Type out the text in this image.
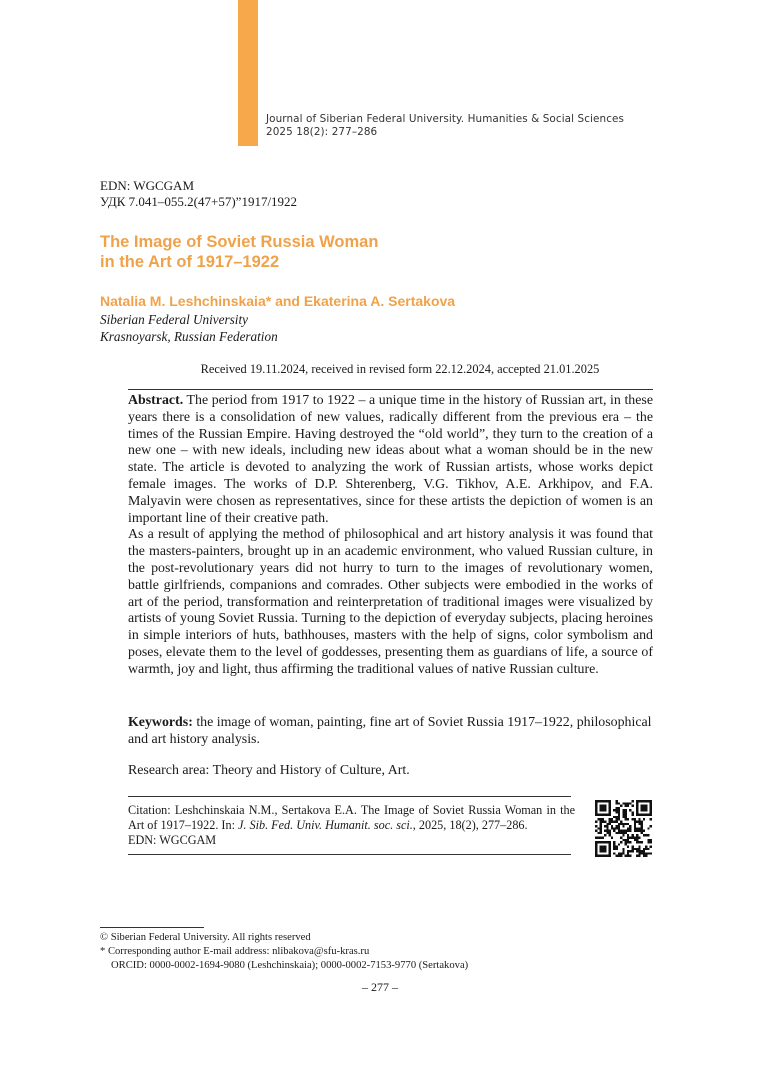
Journal of Siberian Federal University. Humanities & Social Sciences
2025 18(2): 277–286
EDN: WGCGAM
УДК 7.041–055.2(47+57)”1917/1922
The Image of Soviet Russia Woman
in the Art of 1917–1922
Natalia M. Leshchinskaia* and Ekaterina A. Sertakova
Siberian Federal University
Krasnoyarsk, Russian Federation
Received 19.11.2024, received in revised form 22.12.2024, accepted 21.01.2025

Abstract. The period from 1917 to 1922 – a unique time in the history of Russian art, in these years there is a consolidation of new values, radically different from the previous era – the times of the Russian Empire. Having destroyed the “old world”, they turn to the creation of a new one – with new ideals, including new ideas about what a woman should be in the new state. The article is devoted to analyzing the work of Russian artists, whose works depict female images. The works of D.P. Shterenberg, V.G. Tikhov, A.E. Arkhipov, and F.A. Malyavin were chosen as representatives, since for these artists the depiction of women is an important line of their creative path.

As a result of applying the method of philosophical and art history analysis it was found that the masters-painters, brought up in an academic environment, who valued Russian culture, in the post-revolutionary years did not hurry to turn to the images of revolutionary women, battle girlfriends, companions and comrades. Other subjects were embodied in the works of art of the period, transformation and reinterpretation of traditional images were visualized by artists of young Soviet Russia. Turning to the depiction of everyday subjects, placing heroines in simple interiors of huts, bathhouses, masters with the help of signs, color symbolism and poses, elevate them to the level of goddesses, presenting them as guardians of life, a source of warmth, joy and light, thus affirming the traditional values of native Russian culture.

Keywords: the image of woman, painting, fine art of Soviet Russia 1917–1922, philosophical and art history analysis.
Research area: Theory and History of Culture, Art.
Citation: Leshchinskaia N.M., Sertakova E.A. The Image of Soviet Russia Woman in the Art of 1917–1922. In: J. Sib. Fed. Univ. Humanit. soc. sci., 2025, 18(2), 277–286.
EDN: WGCGAM
© Siberian Federal University. All rights reserved
* Corresponding author E-mail address: nlibakova@sfu-kras.ru
ORCID: 0000-0002-1694-9080 (Leshchinskaia); 0000-0002-7153-9770 (Sertakova)
– 277 –
